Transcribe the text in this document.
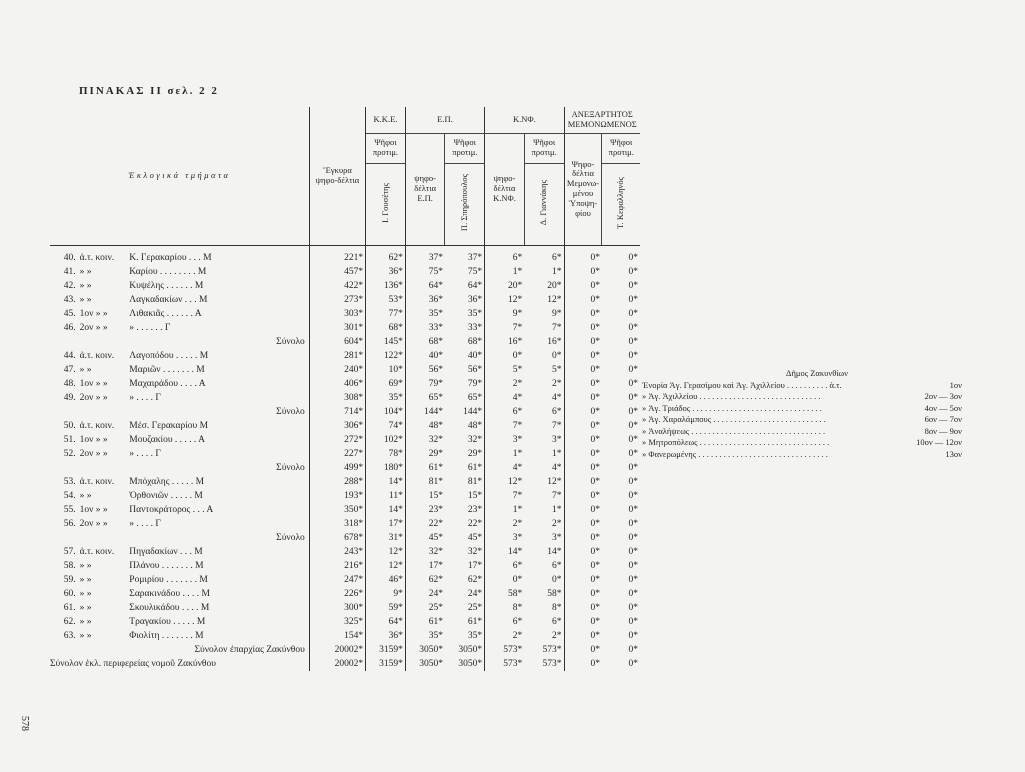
ΠΙΝΑΚΑΣ ΙΙ σελ. 2 2
Ἐκλογικά τμήματα			Ἔγκυρα ψηφο-δέλτια	Κ.Κ.Ε.	Ε.Π.		Κ.ΝΦ.		ΑΝΕΞΑΡΤΗΤΟΣ ΜΕΜΟΝΩΜΕΝΟΣ	
				Ψῆφοι προτιμ.	ψηφο-δέλτια Ε.Π.	Ψῆφοι προτιμ.	ψηφο-δέλτια Κ.ΝΦ.	Ψῆφοι προτιμ.	Ψηφο-δέλτια Μεμονω-μένου Ὑποψη-φίου	Ψῆφοι προτιμ.
				Ι. Γουσέτης		Π. Σπηρόπουλος		Δ. Γιαννάκης		Τ. Κεφαλληνός
40.	ἀ.τ. κοιν.	Κ. Γερακαρίου . . . Μ	221*	62*	37*	37*	6*	6*	0*	0*
41.	» »	Καρίου . . . . . . . . Μ	457*	36*	75*	75*	1*	1*	0*	0*
42.	» »	Κυψέλης . . . . . . Μ	422*	136*	64*	64*	20*	20*	0*	0*
43.	» »	Λαγκαδακίων . . . Μ	273*	53*	36*	36*	12*	12*	0*	0*
45.	1ον » »	Λιθακιᾶς . . . . . . Α	303*	77*	35*	35*	9*	9*	0*	0*
46.	2ον » »	» . . . . . . Γ	301*	68*	33*	33*	7*	7*	0*	0*
		Σύνολο	604*	145*	68*	68*	16*	16*	0*	0*
44.	ἀ.τ. κοιν.	Λαγοπόδου . . . . . Μ	281*	122*	40*	40*	0*	0*	0*	0*
47.	» »	Μαριῶν . . . . . . . Μ	240*	10*	56*	56*	5*	5*	0*	0*
48.	1ον » »	Μαχαιράδου . . . . Α	406*	69*	79*	79*	2*	2*	0*	0*
49.	2ον » »	» . . . . Γ	308*	35*	65*	65*	4*	4*	0*	0*
		Σύνολο	714*	104*	144*	144*	6*	6*	0*	0*
50.	ἀ.τ. κοιν.	Μέσ. Γερακαρίου Μ	306*	74*	48*	48*	7*	7*	0*	0*
51.	1ον » »	Μουζακίου . . . . . Α	272*	102*	32*	32*	3*	3*	0*	0*
52.	2ον » »	» . . . . Γ	227*	78*	29*	29*	1*	1*	0*	0*
		Σύνολο	499*	180*	61*	61*	4*	4*	0*	0*
53.	ἀ.τ. κοιν.	Μπόχαλης . . . . . Μ	288*	14*	81*	81*	12*	12*	0*	0*
54.	» »	Ὀρθονιῶν . . . . . Μ	193*	11*	15*	15*	7*	7*	0*	0*
55.	1ον » »	Παντοκράτορος . . . Α	350*	14*	23*	23*	1*	1*	0*	0*
56.	2ον » »	» . . . . Γ	318*	17*	22*	22*	2*	2*	0*	0*
		Σύνολο	678*	31*	45*	45*	3*	3*	0*	0*
57.	ἀ.τ. κοιν.	Πηγαδακίων . . . Μ	243*	12*	32*	32*	14*	14*	0*	0*
58.	» »	Πλάνου . . . . . . . Μ	216*	12*	17*	17*	6*	6*	0*	0*
59.	» »	Ρομιρίου . . . . . . . Μ	247*	46*	62*	62*	0*	0*	0*	0*
60.	» »	Σαρακινάδου . . . . Μ	226*	9*	24*	24*	58*	58*	0*	0*
61.	» »	Σκουλικάδου . . . . Μ	300*	59*	25*	25*	8*	8*	0*	0*
62.	» »	Τραγακίου . . . . . Μ	325*	64*	61*	61*	6*	6*	0*	0*
63.	» »	Φιολίτη . . . . . . . Μ	154*	36*	35*	35*	2*	2*	0*	0*
		Σύνολον ἐπαρχίας Ζακύνθου	20002*	3159*	3050*	3050*	573*	573*	0*	0*
Σύνολον ἐκλ. περιφερείας νομοῦ Ζακύνθου			20002*	3159*	3050*	3050*	573*	573*	0*	0*
Δῆμος Ζακυνθίων
Ἐνορία Ἁγ. Γερασίμου καὶ Ἁγ. Ἀχιλλείου . . . . . . . . . . ἀ.τ.	1ον
» Ἁγ. Ἀχιλλείου . . . . . . . . . . . . . . . . . . . . . . . . . . . . .	2ον — 3ον
» Ἁγ. Τριάδος . . . . . . . . . . . . . . . . . . . . . . . . . . . . . . .	4ον — 5ον
» Ἁγ. Χαραλάμπους . . . . . . . . . . . . . . . . . . . . . . . . . . .	6ον — 7ον
» Ἀναλήψεως . . . . . . . . . . . . . . . . . . . . . . . . . . . . . . . .	8ον — 9ον
» Μητροπόλεως . . . . . . . . . . . . . . . . . . . . . . . . . . . . . . .	10ον — 12ον
» Φανερωμένης . . . . . . . . . . . . . . . . . . . . . . . . . . . . . . .	13ον
578
